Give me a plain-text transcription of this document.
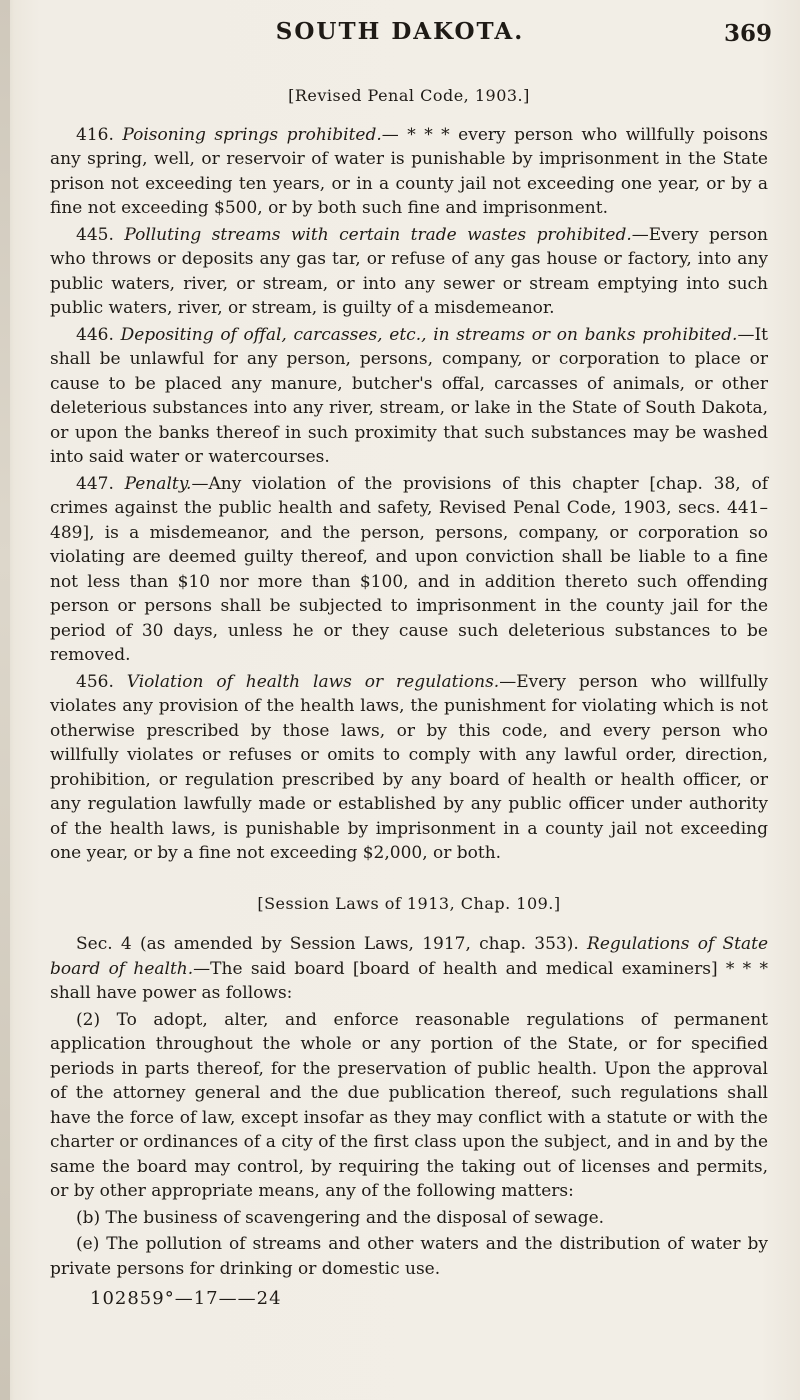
SOUTH DAKOTA.	369
[Revised Penal Code, 1903.]

416. Poisoning springs prohibited.— * * * every person who willfully poisons any spring, well, or reservoir of water is punishable by imprisonment in the State prison not exceeding ten years, or in a county jail not exceeding one year, or by a fine not exceeding $500, or by both such fine and imprisonment.

445. Polluting streams with certain trade wastes prohibited.—Every person who throws or deposits any gas tar, or refuse of any gas house or factory, into any public waters, river, or stream, or into any sewer or stream emptying into such public waters, river, or stream, is guilty of a misdemeanor.

446. Depositing of offal, carcasses, etc., in streams or on banks prohibited.—It shall be unlawful for any person, persons, company, or corporation to place or cause to be placed any manure, butcher's offal, carcasses of animals, or other deleterious substances into any river, stream, or lake in the State of South Dakota, or upon the banks thereof in such proximity that such substances may be washed into said water or watercourses.

447. Penalty.—Any violation of the provisions of this chapter [chap. 38, of crimes against the public health and safety, Revised Penal Code, 1903, secs. 441–489], is a misdemeanor, and the person, persons, company, or corporation so violating are deemed guilty thereof, and upon conviction shall be liable to a fine not less than $10 nor more than $100, and in addition thereto such offending person or persons shall be subjected to imprisonment in the county jail for the period of 30 days, unless he or they cause such deleterious substances to be removed.

456. Violation of health laws or regulations.—Every person who willfully violates any provision of the health laws, the punishment for violating which is not otherwise prescribed by those laws, or by this code, and every person who willfully violates or refuses or omits to comply with any lawful order, direction, prohibition, or regulation prescribed by any board of health or health officer, or any regulation lawfully made or established by any public officer under authority of the health laws, is punishable by imprisonment in a county jail not exceeding one year, or by a fine not exceeding $2,000, or both.

[Session Laws of 1913, Chap. 109.]

Sec. 4 (as amended by Session Laws, 1917, chap. 353). Regulations of State board of health.—The said board [board of health and medical examiners] * * * shall have power as follows:

(2) To adopt, alter, and enforce reasonable regulations of permanent application throughout the whole or any portion of the State, or for specified periods in parts thereof, for the preservation of public health. Upon the approval of the attorney general and the due publication thereof, such regulations shall have the force of law, except insofar as they may conflict with a statute or with the charter or ordinances of a city of the first class upon the subject, and in and by the same the board may control, by requiring the taking out of licenses and permits, or by other appropriate means, any of the following matters:

(b) The business of scavengering and the disposal of sewage.

(e) The pollution of streams and other waters and the distribution of water by private persons for drinking or domestic use.

102859°—17——24
